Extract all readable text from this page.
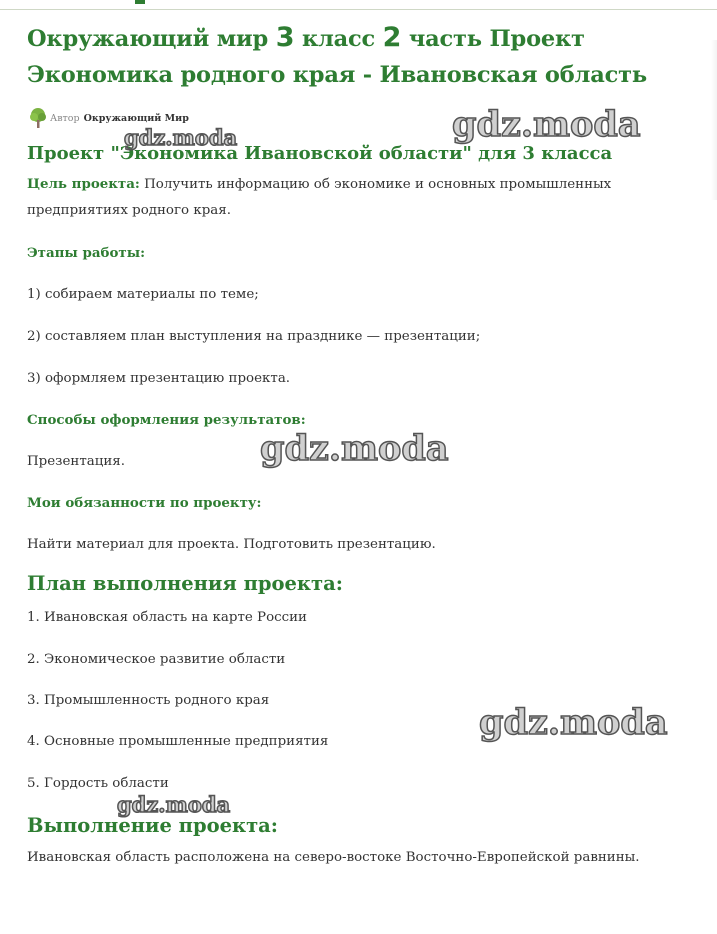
Окружающий мир 3 класс 2 часть Проект
Экономика родного края - Ивановская область
Автор Окружающий Мир
Проект "Экономика Ивановской области" для 3 класса

Цель проекта: Получить информацию об экономике и основных промышленных
предприятиях родного края.

Этапы работы:

1) собираем материалы по теме;

2) составляем план выступления на празднике — презентации;

3) оформляем презентацию проекта.

Способы оформления результатов:

Презентация.

Мои обязанности по проекту:

Найти материал для проекта. Подготовить презентацию.

План выполнения проекта:

1. Ивановская область на карте России

2. Экономическое развитие области

3. Промышленность родного края

4. Основные промышленные предприятия

5. Гордость области

Выполнение проекта:

Ивановская область расположена на северо-востоке Восточно-Европейской равнины.

gdz.moda
gdz.moda
gdz.moda
gdz.moda
gdz.moda
